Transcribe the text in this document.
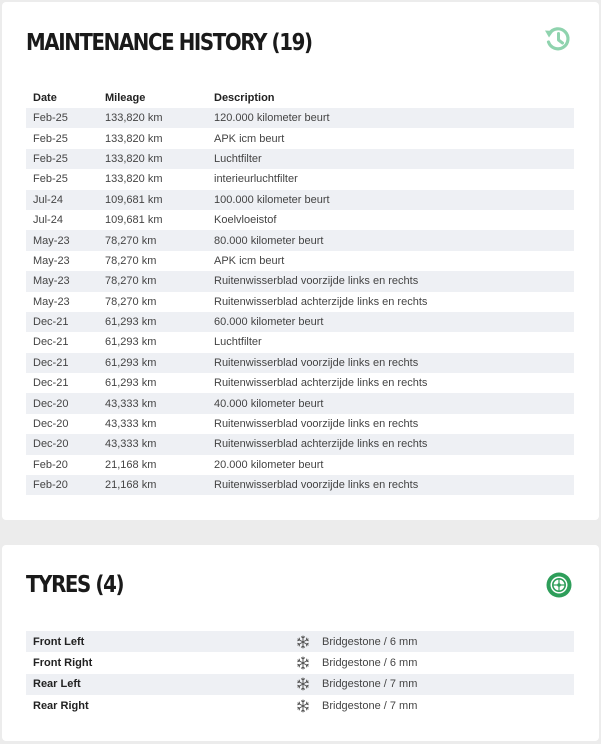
MAINTENANCE HISTORY (19)
Date	Mileage	Description
Feb-25	133,820 km	120.000 kilometer beurt
Feb-25	133,820 km	APK icm beurt
Feb-25	133,820 km	Luchtfilter
Feb-25	133,820 km	interieurluchtfilter
Jul-24	109,681 km	100.000 kilometer beurt
Jul-24	109,681 km	Koelvloeistof
May-23	78,270 km	80.000 kilometer beurt
May-23	78,270 km	APK icm beurt
May-23	78,270 km	Ruitenwisserblad voorzijde links en rechts
May-23	78,270 km	Ruitenwisserblad achterzijde links en rechts
Dec-21	61,293 km	60.000 kilometer beurt
Dec-21	61,293 km	Luchtfilter
Dec-21	61,293 km	Ruitenwisserblad voorzijde links en rechts
Dec-21	61,293 km	Ruitenwisserblad achterzijde links en rechts
Dec-20	43,333 km	40.000 kilometer beurt
Dec-20	43,333 km	Ruitenwisserblad voorzijde links en rechts
Dec-20	43,333 km	Ruitenwisserblad achterzijde links en rechts
Feb-20	21,168 km	20.000 kilometer beurt
Feb-20	21,168 km	Ruitenwisserblad voorzijde links en rechts
TYRES (4)
Front Left	Bridgestone / 6 mm
Front Right	Bridgestone / 6 mm
Rear Left	Bridgestone / 7 mm
Rear Right	Bridgestone / 7 mm
